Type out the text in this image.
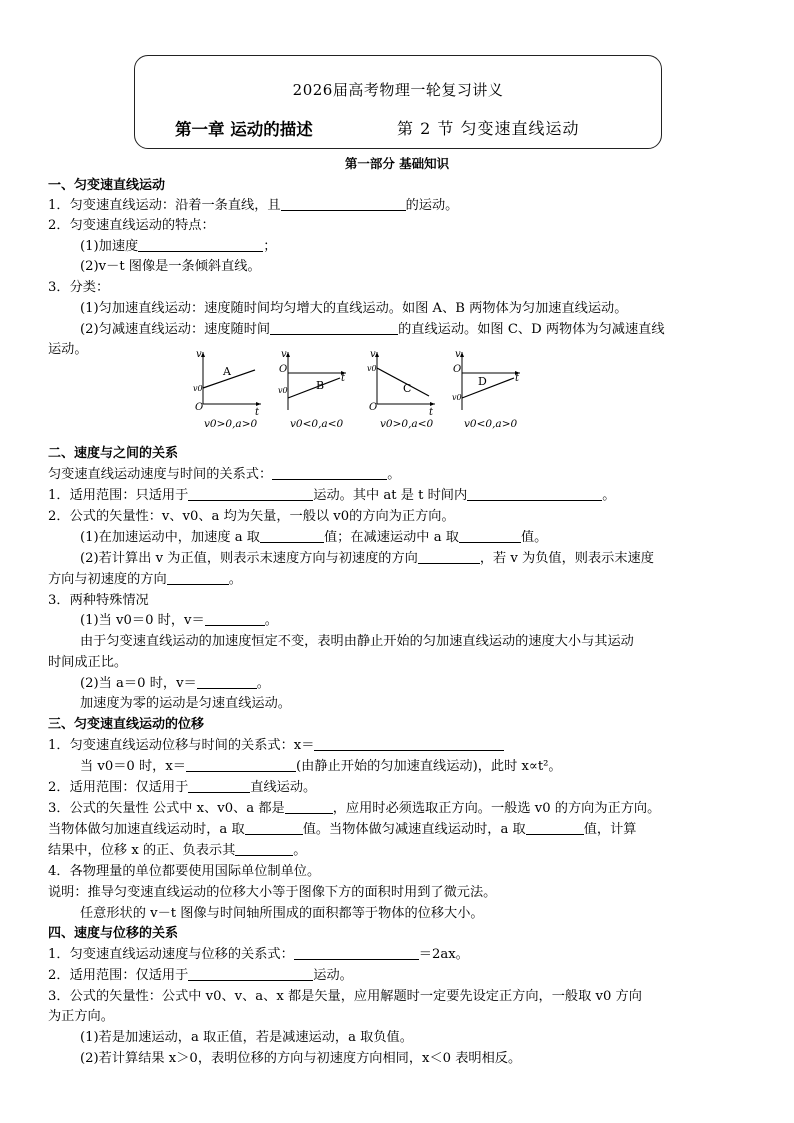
2026届高考物理一轮复习讲义
第一章 运动的描述	第 2 节 匀变速直线运动
第一部分 基础知识
一、匀变速直线运动
1．匀变速直线运动：沿着一条直线，且	的运动。
2．匀变速直线运动的特点：
(1)加速度	；
(2)v－t 图像是一条倾斜直线。
3．分类：
(1)匀加速直线运动：速度随时间均匀增大的直线运动。如图 A、B 两物体为匀加速直线运动。
(2)匀减速直线运动：速度随时间	的直线运动。如图 C、D 两物体为匀减速直线
运动。	v
t
O
v0
A
v0>0,a>0
v
t
O
v0	B
v0<0,a<0
v
t
O
v0
C
v0>0,a<0
v
t
O
v0
D
v0<0,a>0
二、速度与之间的关系
匀变速直线运动速度与时间的关系式：	。
1．适用范围：只适用于	运动。其中 at 是 t 时间内	。
2．公式的矢量性：v、v0、a 均为矢量，一般以 v0的方向为正方向。
(1)在加速运动中，加速度 a 取	值；在减速运动中 a 取	值。
(2)若计算出 v 为正值，则表示末速度方向与初速度的方向	，若 v 为负值，则表示末速度
方向与初速度的方向	。
3．两种特殊情况
(1)当 v0＝0 时，v＝	。
由于匀变速直线运动的加速度恒定不变，表明由静止开始的匀加速直线运动的速度大小与其运动
时间成正比。
(2)当 a＝0 时，v＝	。
加速度为零的运动是匀速直线运动。
三、匀变速直线运动的位移
1．匀变速直线运动位移与时间的关系式：x＝
当 v0＝0 时，x＝	(由静止开始的匀加速直线运动)，此时 x∝t²。
2．适用范围：仅适用于	直线运动。
3．公式的矢量性 公式中 x、v0、a 都是	，应用时必须选取正方向。一般选 v0 的方向为正方向。
当物体做匀加速直线运动时，a 取	值。当物体做匀减速直线运动时，a 取	值，计算
结果中，位移 x 的正、负表示其	。
4．各物理量的单位都要使用国际单位制单位。
说明：推导匀变速直线运动的位移大小等于图像下方的面积时用到了微元法。
任意形状的 v－t 图像与时间轴所围成的面积都等于物体的位移大小。
四、速度与位移的关系
1．匀变速直线运动速度与位移的关系式：	＝2ax。
2．适用范围：仅适用于	运动。
3．公式的矢量性：公式中 v0、v、a、x 都是矢量，应用解题时一定要先设定正方向，一般取 v0 方向
为正方向。
(1)若是加速运动，a 取正值，若是减速运动，a 取负值。
(2)若计算结果 x＞0，表明位移的方向与初速度方向相同，x＜0 表明相反。
